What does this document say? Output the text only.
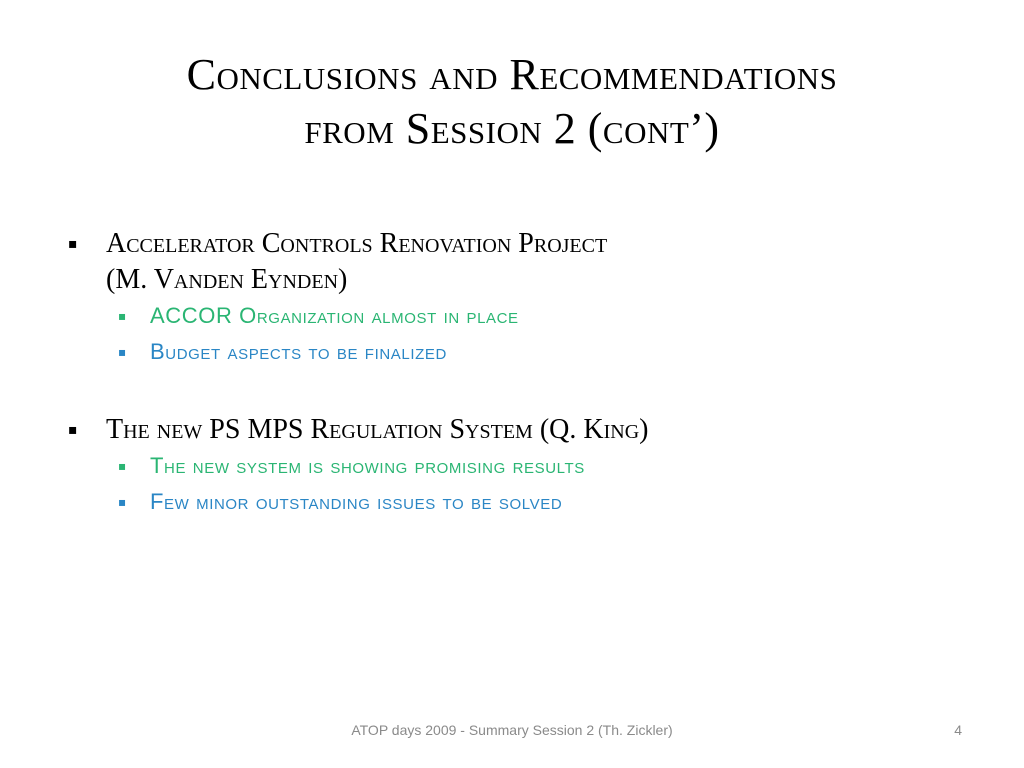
Conclusions and Recommendations
from Session 2 (cont’)
▪ Accelerator Controls Renovation Project
(M. Vanden Eynden)
▪ ACCOR Organization almost in place
▪ Budget aspects to be finalized
▪ The new PS MPS Regulation System (Q. King)
▪ The new system is showing promising results
▪ Few minor outstanding issues to be solved
ATOP days 2009 - Summary Session 2 (Th. Zickler)	4
